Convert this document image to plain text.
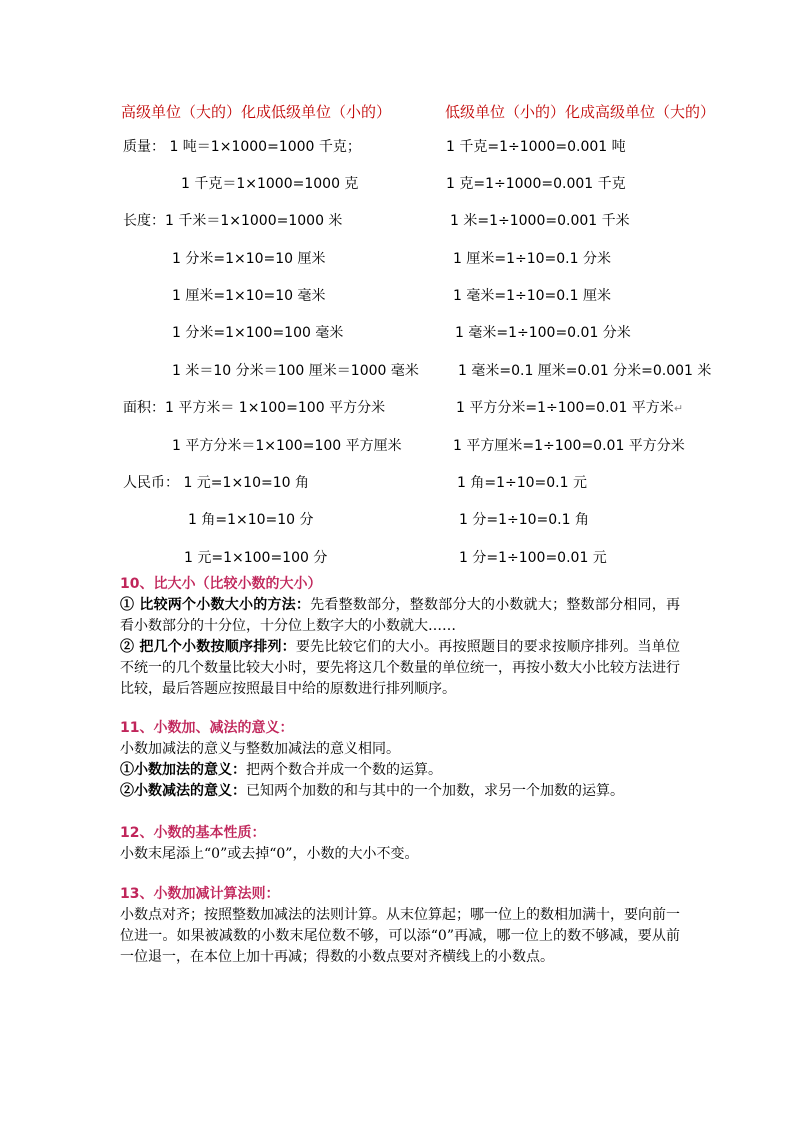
高级单位（大的）化成低级单位（小的）	低级单位（小的）化成高级单位（大的）
质量： 1 吨＝1×1000=1000 千克；	1 千克=1÷1000=0.001 吨
1 千克＝1×1000=1000 克	1 克=1÷1000=0.001 千克
长度：1 千米＝1×1000=1000 米	1 米=1÷1000=0.001 千米
1 分米=1×10=10 厘米	1 厘米=1÷10=0.1 分米
1 厘米=1×10=10 毫米	1 毫米=1÷10=0.1 厘米
1 分米=1×100=100 毫米	1 毫米=1÷100=0.01 分米
1 米＝10 分米＝100 厘米＝1000 毫米	1 毫米=0.1 厘米=0.01 分米=0.001 米
面积：1 平方米＝ 1×100=100 平方分米	1 平方分米=1÷100=0.01 平方米↵
1 平方分米＝1×100=100 平方厘米	1 平方厘米=1÷100=0.01 平方分米
人民币： 1 元=1×10=10 角	1 角=1÷10=0.1 元
1 角=1×10=10 分	1 分=1÷10=0.1 角
1 元=1×100=100 分	1 分=1÷100=0.01 元
10、比大小（比较小数的大小）

① 比较两个小数大小的方法：先看整数部分，整数部分大的小数就大；整数部分相同，再看小数部分的十分位，十分位上数字大的小数就大……

② 把几个小数按顺序排列：要先比较它们的大小。再按照题目的要求按顺序排列。当单位不统一的几个数量比较大小时，要先将这几个数量的单位统一，再按小数大小比较方法进行比较，最后答题应按照最目中给的原数进行排列顺序。

11、小数加、减法的意义：

小数加减法的意义与整数加减法的意义相同。

①小数加法的意义：把两个数合并成一个数的运算。

②小数减法的意义：已知两个加数的和与其中的一个加数，求另一个加数的运算。

12、小数的基本性质：

小数末尾添上“0”或去掉“0”，小数的大小不变。

13、小数加减计算法则：

小数点对齐；按照整数加减法的法则计算。从末位算起；哪一位上的数相加满十，要向前一位进一。如果被减数的小数末尾位数不够，可以添“0”再减，哪一位上的数不够减，要从前一位退一，在本位上加十再减；得数的小数点要对齐横线上的小数点。
